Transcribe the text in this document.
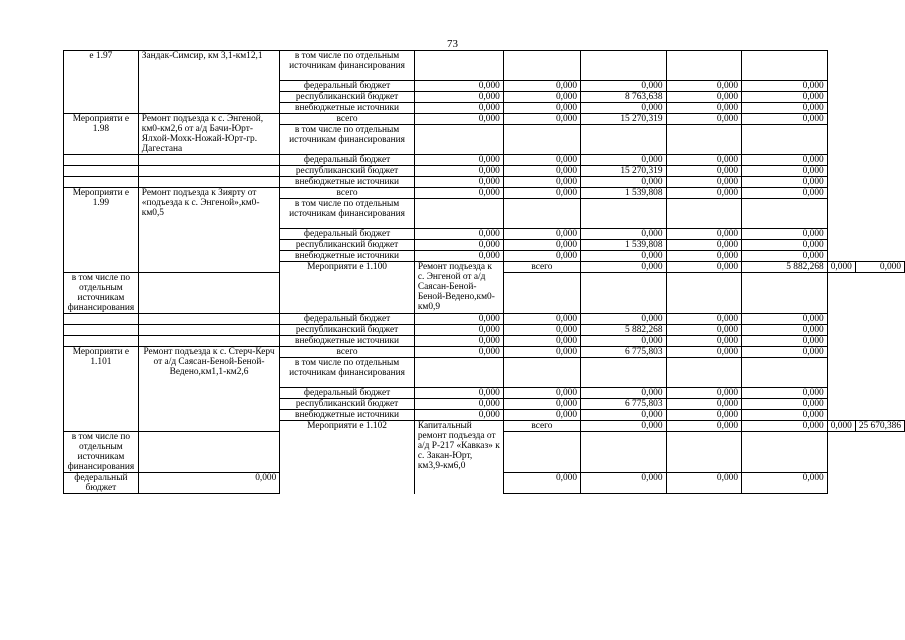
73
е 1.97	Зандак-Симсир, км 3,1-км12,1	в том числе по отдельным источникам финансирования							
		федеральный бюджет	0,000	0,000	0,000	0,000	0,000		
		республиканский бюджет	0,000	0,000	8 763,638	0,000	0,000		
		внебюджетные источники	0,000	0,000	0,000	0,000	0,000		
Мероприяти е 1.98	Ремонт подъезда к с. Энгеной, км0-км2,6 от а/д Бачи-Юрт-Ялхой-Мохк-Ножай-Юрт-гр. Дагестана	всего	0,000	0,000	15 270,319	0,000	0,000		
		в том числе по отдельным источникам финансирования							
		федеральный бюджет	0,000	0,000	0,000	0,000	0,000		
		республиканский бюджет	0,000	0,000	15 270,319	0,000	0,000		
		внебюджетные источники	0,000	0,000	0,000	0,000	0,000		
Мероприяти е 1.99	Ремонт подъезда к Зиярту от «подъезда к с. Энгеной»,км0-км0,5	всего	0,000	0,000	1 539,808	0,000	0,000		
		в том числе по отдельным источникам финансирования							
		федеральный бюджет	0,000	0,000	0,000	0,000	0,000		
		республиканский бюджет	0,000	0,000	1 539,808	0,000	0,000		
		внебюджетные источники	0,000	0,000	0,000	0,000	0,000		
		Мероприяти е 1.100	Ремонт подъезда к с. Энгеной от а/д Саясан-Беной-Беной-Ведено,км0-км0,9	всего	0,000	0,000	5 882,268	0,000	0,000
в том числе по отдельным источникам финансирования									
		федеральный бюджет	0,000	0,000	0,000	0,000	0,000		
		республиканский бюджет	0,000	0,000	5 882,268	0,000	0,000		
		внебюджетные источники	0,000	0,000	0,000	0,000	0,000		
Мероприяти е 1.101	Ремонт подъезда к с. Стерч-Керч от а/д Саясан-Беной-Беной-Ведено,км1,1-км2,6	всего	0,000	0,000	6 775,803	0,000	0,000		
		в том числе по отдельным источникам финансирования							
		федеральный бюджет	0,000	0,000	0,000	0,000	0,000		
		республиканский бюджет	0,000	0,000	6 775,803	0,000	0,000		
		внебюджетные источники	0,000	0,000	0,000	0,000	0,000		
		Мероприяти е 1.102	Капитальный ремонт подъезда от а/д Р-217 «Кавказ» к с. Закан-Юрт, км3,9-км6,0	всего	0,000	0,000	0,000	0,000	25 670,386
в том числе по отдельным источникам финансирования									
федеральный бюджет	0,000			0,000	0,000	0,000	0,000		
